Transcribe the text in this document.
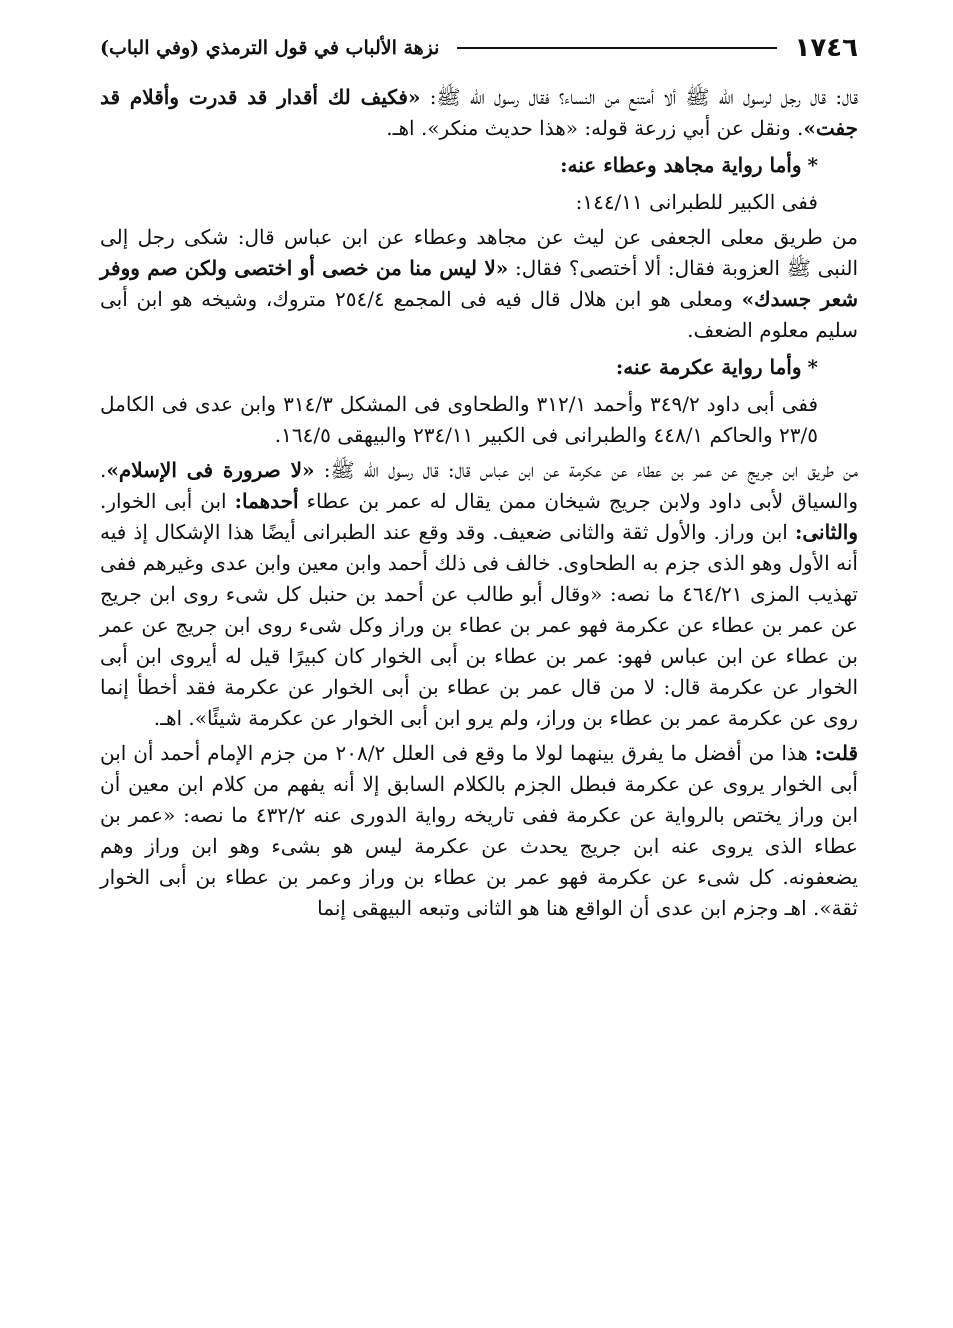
١٧٤٦
نزهة الألباب في قول الترمذي (وفي الباب)

قال: قال رجل لرسول الله ﷺ ألا أمتنع من النساء؟ فقال رسول الله ﷺ: «فكيف لك أقدار قد قدرت وأقلام قد جفت». ونقل عن أبي زرعة قوله: «هذا حديث منكر». اهـ.

*وأما رواية مجاهد وعطاء عنه:

ففى الكبير للطبرانى ١٤٤/١١:

من طريق معلى الجعفى عن ليث عن مجاهد وعطاء عن ابن عباس قال: شكى رجل إلى النبى ﷺ العزوبة فقال: ألا أختصى؟ فقال: «لا ليس منا من خصى أو اختصى ولكن صم ووفر شعر جسدك» ومعلى هو ابن هلال قال فيه فى المجمع ٢٥٤/٤ متروك، وشيخه هو ابن أبى سليم معلوم الضعف.

*وأما رواية عكرمة عنه:

ففى أبى داود ٣٤٩/٢ وأحمد ٣١٢/١ والطحاوى فى المشكل ٣١٤/٣ وابن عدى فى الكامل ٢٣/٥ والحاكم ٤٤٨/١ والطبرانى فى الكبير ٢٣٤/١١ والبيهقى ١٦٤/٥.

من طريق ابن جريج عن عمر بن عطاء عن عكرمة عن ابن عباس قال: قال رسول الله ﷺ: «لا صرورة فى الإسلام». والسياق لأبى داود ولابن جريج شيخان ممن يقال له عمر بن عطاء أحدهما: ابن أبى الخوار. والثانى: ابن وراز. والأول ثقة والثانى ضعيف. وقد وقع عند الطبرانى أيضًا هذا الإشكال إذ فيه أنه الأول وهو الذى جزم به الطحاوى. خالف فى ذلك أحمد وابن معين وابن عدى وغيرهم ففى تهذيب المزى ٤٦٤/٢١ ما نصه: «وقال أبو طالب عن أحمد بن حنبل كل شىء روى ابن جريج عن عمر بن عطاء عن عكرمة فهو عمر بن عطاء بن وراز وكل شىء روى ابن جريج عن عمر بن عطاء عن ابن عباس فهو: عمر بن عطاء بن أبى الخوار كان كبيرًا قيل له أيروى ابن أبى الخوار عن عكرمة قال: لا من قال عمر بن عطاء بن أبى الخوار عن عكرمة فقد أخطأ إنما روى عن عكرمة عمر بن عطاء بن وراز، ولم يرو ابن أبى الخوار عن عكرمة شيئًا». اهـ.

قلت: هذا من أفضل ما يفرق بينهما لولا ما وقع فى العلل ٢٠٨/٢ من جزم الإمام أحمد أن ابن أبى الخوار يروى عن عكرمة فبطل الجزم بالكلام السابق إلا أنه يفهم من كلام ابن معين أن ابن وراز يختص بالرواية عن عكرمة ففى تاريخه رواية الدورى عنه ٤٣٢/٢ ما نصه: «عمر بن عطاء الذى يروى عنه ابن جريج يحدث عن عكرمة ليس هو بشىء وهو ابن وراز وهم يضعفونه. كل شىء عن عكرمة فهو عمر بن عطاء بن وراز وعمر بن عطاء بن أبى الخوار ثقة». اهـ وجزم ابن عدى أن الواقع هنا هو الثانى وتبعه البيهقى إنما
